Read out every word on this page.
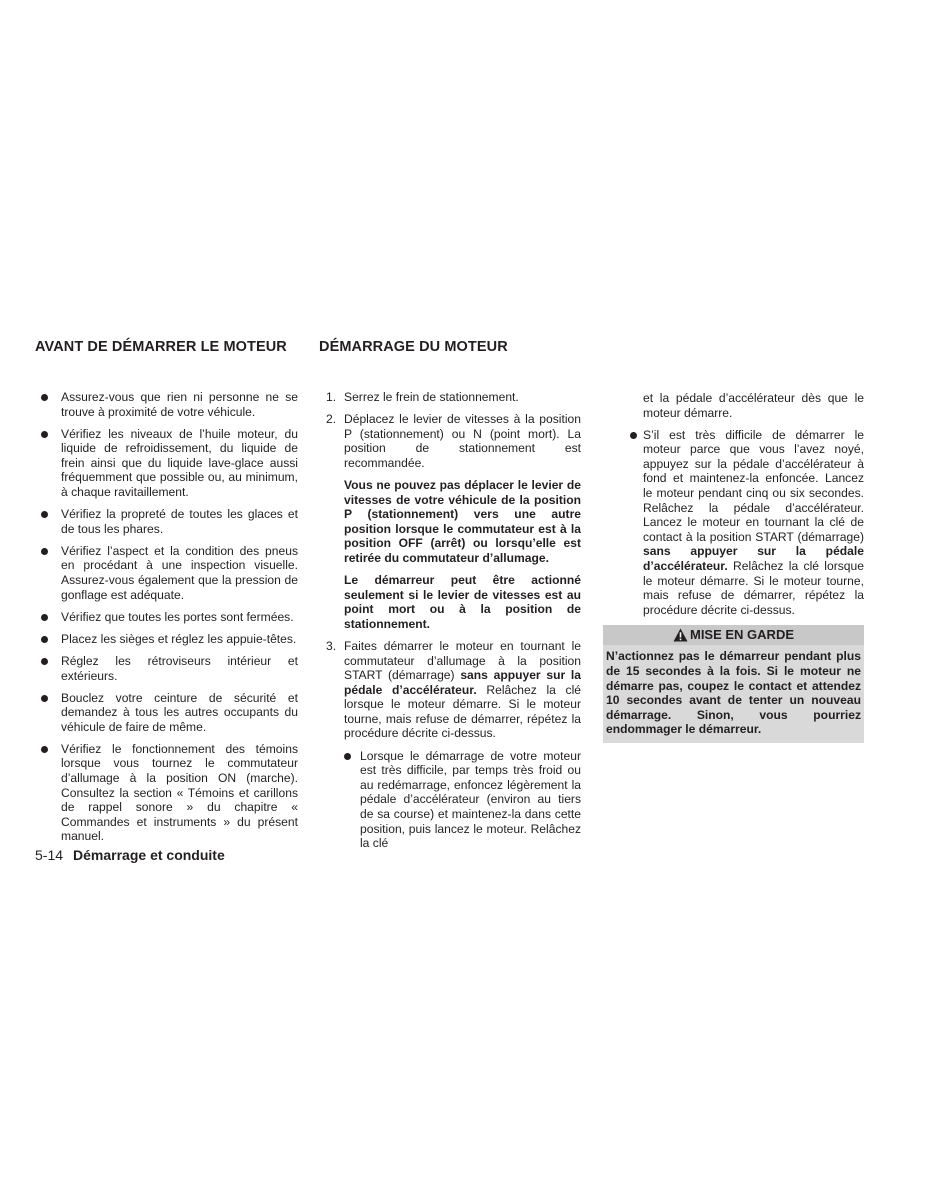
AVANT DE DÉMARRER LE MOTEUR DÉMARRAGE DU MOTEUR
Assurez-vous que rien ni personne ne se trouve à proximité de votre véhicule.
Vérifiez les niveaux de l’huile moteur, du liquide de refroidissement, du liquide de frein ainsi que du liquide lave-glace aussi fréquemment que possible ou, au minimum, à chaque ravitaillement.
Vérifiez la propreté de toutes les glaces et de tous les phares.
Vérifiez l’aspect et la condition des pneus en procédant à une inspection visuelle. Assurez-vous également que la pression de gonflage est adéquate.
Vérifiez que toutes les portes sont fermées.
Placez les sièges et réglez les appuie-têtes.
Réglez les rétroviseurs intérieur et extérieurs.
Bouclez votre ceinture de sécurité et demandez à tous les autres occupants du véhicule de faire de même.
Vérifiez le fonctionnement des témoins lorsque vous tournez le commutateur d’allumage à la position ON (marche). Consultez la section « Témoins et carillons de rappel sonore » du chapitre « Commandes et instruments » du présent manuel.
1. Serrez le frein de stationnement.

2. Déplacez le levier de vitesses à la position P (stationnement) ou N (point mort). La position de stationnement est recommandée.

Vous ne pouvez pas déplacer le levier de vitesses de votre véhicule de la position P (stationnement) vers une autre position lorsque le commutateur est à la position OFF (arrêt) ou lorsqu’elle est retirée du commutateur d’allumage.

Le démarreur peut être actionné seulement si le levier de vitesses est au point mort ou à la position de stationnement.

3. Faites démarrer le moteur en tournant le commutateur d’allumage à la position START (démarrage) sans appuyer sur la pédale d’accélérateur. Relâchez la clé lorsque le moteur démarre. Si le moteur tourne, mais refuse de démarrer, répétez la procédure décrite ci-dessus.

Lorsque le démarrage de votre moteur est très difficile, par temps très froid ou au redémarrage, enfoncez légèrement la pédale d’accélérateur (environ au tiers de sa course) et maintenez-la dans cette position, puis lancez le moteur. Relâchez la clé

et la pédale d’accélérateur dès que le moteur démarre.

S’il est très difficile de démarrer le moteur parce que vous l’avez noyé, appuyez sur la pédale d’accélérateur à fond et maintenez-la enfoncée. Lancez le moteur pendant cinq ou six secondes. Relâchez la pédale d’accélérateur. Lancez le moteur en tournant la clé de contact à la position START (démarrage) sans appuyer sur la pédale d’accélérateur. Relâchez la clé lorsque le moteur démarre. Si le moteur tourne, mais refuse de démarrer, répétez la procédure décrite ci-dessus.

MISE EN GARDE

N’actionnez pas le démarreur pendant plus de 15 secondes à la fois. Si le moteur ne démarre pas, coupez le contact et attendez 10 secondes avant de tenter un nouveau démarrage. Sinon, vous pourriez endommager le démarreur.

5-14 Démarrage et conduite
